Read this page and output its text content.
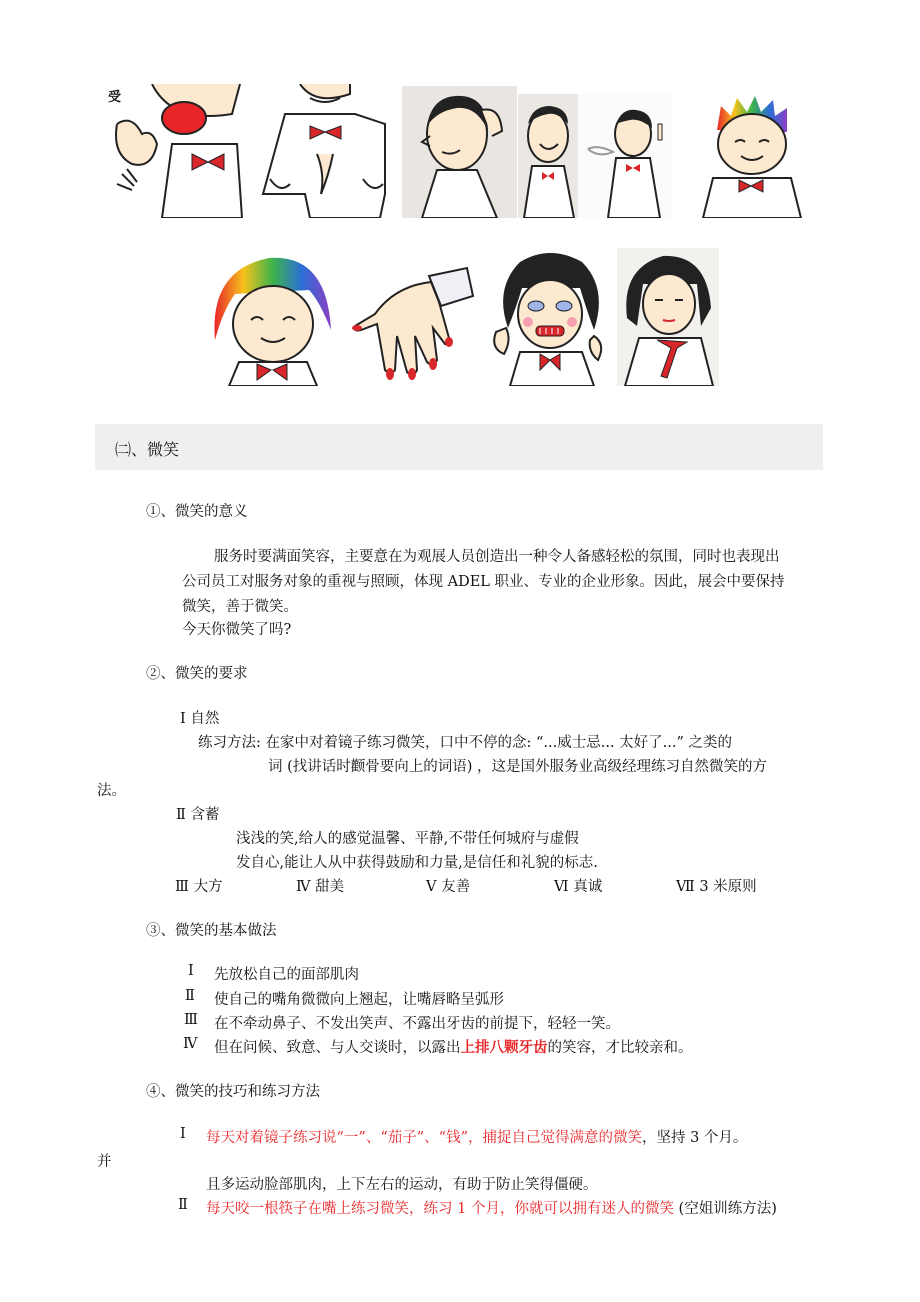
受
㈡、微笑
①、微笑的意义
服务时要满面笑容，主要意在为观展人员创造出一种令人备感轻松的氛围，同时也表现出
公司员工对服务对象的重视与照顾，体现 ADEL 职业、专业的企业形象。因此，展会中要保持
微笑，善于微笑。
今天你微笑了吗?
②、微笑的要求
Ⅰ 自然
练习方法: 在家中对着镜子练习微笑，口中不停的念: “...威士忌... 太好了...” 之类的
词 (找讲话时颧骨要向上的词语) ，这是国外服务业高级经理练习自然微笑的方
法。
Ⅱ 含蓄
浅浅的笑,给人的感觉温馨、平静,不带任何城府与虚假
发自心,能让人从中获得鼓励和力量,是信任和礼貌的标志.
Ⅲ 大方	Ⅳ 甜美	Ⅴ 友善	Ⅵ 真诚	Ⅶ 3 米原则
③、微笑的基本做法
Ⅰ 先放松自己的面部肌肉
Ⅱ 使自己的嘴角微微向上翘起，让嘴唇略呈弧形
Ⅲ 在不牵动鼻子、不发出笑声、不露出牙齿的前提下，轻轻一笑。
Ⅳ 但在问候、致意、与人交谈时，以露出上排八颗牙齿的笑容，才比较亲和。
④、微笑的技巧和练习方法
Ⅰ 每天对着镜子练习说“一”、“茄子”、“钱”，捕捉自己觉得满意的微笑，坚持 3 个月。
并
且多运动脸部肌肉，上下左右的运动，有助于防止笑得僵硬。
Ⅱ 每天咬一根筷子在嘴上练习微笑，练习 1 个月，你就可以拥有迷人的微笑 (空姐训练方法)
